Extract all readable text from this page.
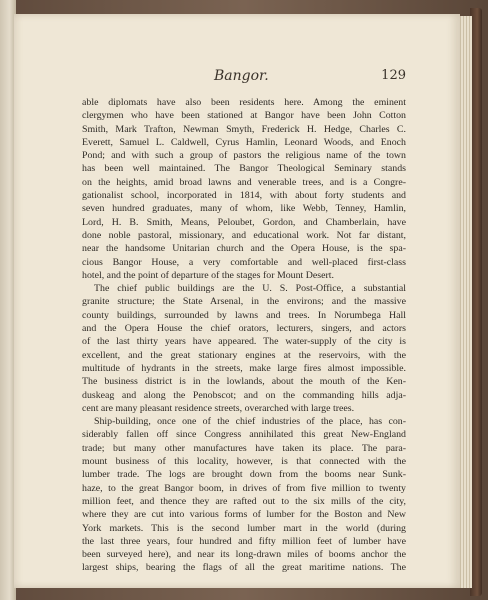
Bangor.	129
able diplomats have also been residents here. Among the eminent
clergymen who have been stationed at Bangor have been John Cotton
Smith, Mark Trafton, Newman Smyth, Frederick H. Hedge, Charles C.
Everett, Samuel L. Caldwell, Cyrus Hamlin, Leonard Woods, and Enoch
Pond; and with such a group of pastors the religious name of the town
has been well maintained. The Bangor Theological Seminary stands
on the heights, amid broad lawns and venerable trees, and is a Congre-
gationalist school, incorporated in 1814, with about forty students and
seven hundred graduates, many of whom, like Webb, Tenney, Hamlin,
Lord, H. B. Smith, Means, Peloubet, Gordon, and Chamberlain, have
done noble pastoral, missionary, and educational work. Not far distant,
near the handsome Unitarian church and the Opera House, is the spa-
cious Bangor House, a very comfortable and well-placed first-class
hotel, and the point of departure of the stages for Mount Desert.
The chief public buildings are the U. S. Post-Office, a substantial
granite structure; the State Arsenal, in the environs; and the massive
county buildings, surrounded by lawns and trees. In Norumbega Hall
and the Opera House the chief orators, lecturers, singers, and actors
of the last thirty years have appeared. The water-supply of the city is
excellent, and the great stationary engines at the reservoirs, with the
multitude of hydrants in the streets, make large fires almost impossible.
The business district is in the lowlands, about the mouth of the Ken-
duskeag and along the Penobscot; and on the commanding hills adja-
cent are many pleasant residence streets, overarched with large trees.
Ship-building, once one of the chief industries of the place, has con-
siderably fallen off since Congress annihilated this great New-England
trade; but many other manufactures have taken its place. The para-
mount business of this locality, however, is that connected with the
lumber trade. The logs are brought down from the booms near Sunk-
haze, to the great Bangor boom, in drives of from five million to twenty
million feet, and thence they are rafted out to the six mills of the city,
where they are cut into various forms of lumber for the Boston and New
York markets. This is the second lumber mart in the world (during
the last three years, four hundred and fifty million feet of lumber have
been surveyed here), and near its long-drawn miles of booms anchor the
largest ships, bearing the flags of all the great maritime nations. The
